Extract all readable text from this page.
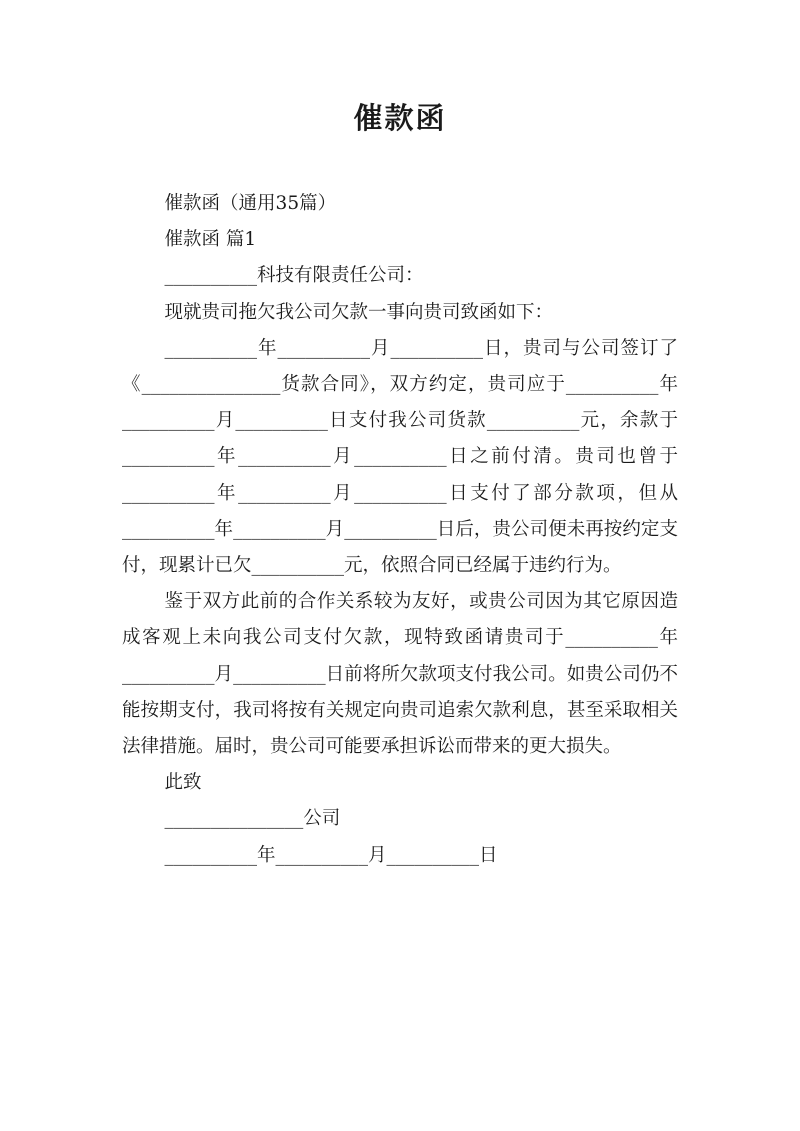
催款函

催款函（通用35篇）

催款函 篇1

__________科技有限责任公司：

现就贵司拖欠我公司欠款一事向贵司致函如下：

__________年__________月__________日，贵司与公司签订了《_______________货款合同》，双方约定，贵司应于__________年__________月__________日支付我公司货款__________元，余款于__________年__________月__________日之前付清。贵司也曾于__________年__________月__________日支付了部分款项，但从__________年__________月__________日后，贵公司便未再按约定支付，现累计已欠__________元，依照合同已经属于违约行为。

鉴于双方此前的合作关系较为友好，或贵公司因为其它原因造成客观上未向我公司支付欠款，现特致函请贵司于__________年__________月__________日前将所欠款项支付我公司。如贵公司仍不能按期支付，我司将按有关规定向贵司追索欠款利息，甚至采取相关法律措施。届时，贵公司可能要承担诉讼而带来的更大损失。

此致

_______________公司

__________年__________月__________日
